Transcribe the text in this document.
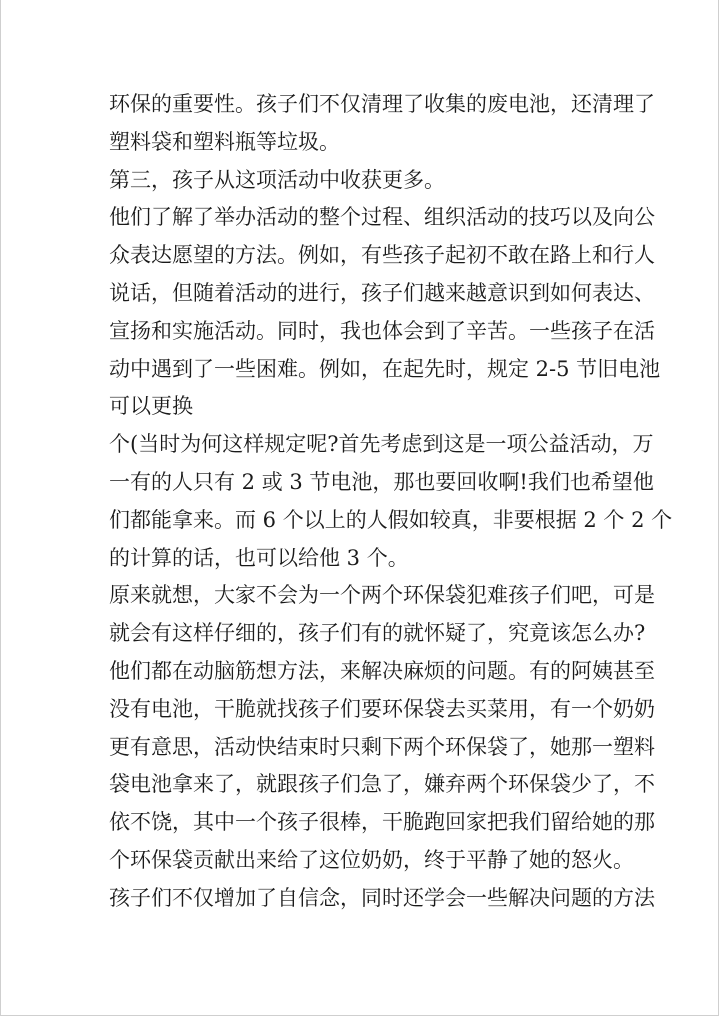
环保的重要性。孩子们不仅清理了收集的废电池，还清理了
塑料袋和塑料瓶等垃圾。
第三，孩子从这项活动中收获更多。
他们了解了举办活动的整个过程、组织活动的技巧以及向公
众表达愿望的方法。例如，有些孩子起初不敢在路上和行人
说话，但随着活动的进行，孩子们越来越意识到如何表达、
宣扬和实施活动。同时，我也体会到了辛苦。一些孩子在活
动中遇到了一些困难。例如，在起先时，规定 2-5 节旧电池
可以更换
个(当时为何这样规定呢?首先考虑到这是一项公益活动，万
一有的人只有 2 或 3 节电池，那也要回收啊!我们也希望他
们都能拿来。而 6 个以上的人假如较真，非要根据 2 个 2 个
的计算的话，也可以给他 3 个。
原来就想，大家不会为一个两个环保袋犯难孩子们吧，可是
就会有这样仔细的，孩子们有的就怀疑了，究竟该怎么办?
他们都在动脑筋想方法，来解决麻烦的问题。有的阿姨甚至
没有电池，干脆就找孩子们要环保袋去买菜用，有一个奶奶
更有意思，活动快结束时只剩下两个环保袋了，她那一塑料
袋电池拿来了，就跟孩子们急了，嫌弃两个环保袋少了，不
依不饶，其中一个孩子很棒，干脆跑回家把我们留给她的那
个环保袋贡献出来给了这位奶奶，终于平静了她的怒火。
孩子们不仅增加了自信念，同时还学会一些解决问题的方法
